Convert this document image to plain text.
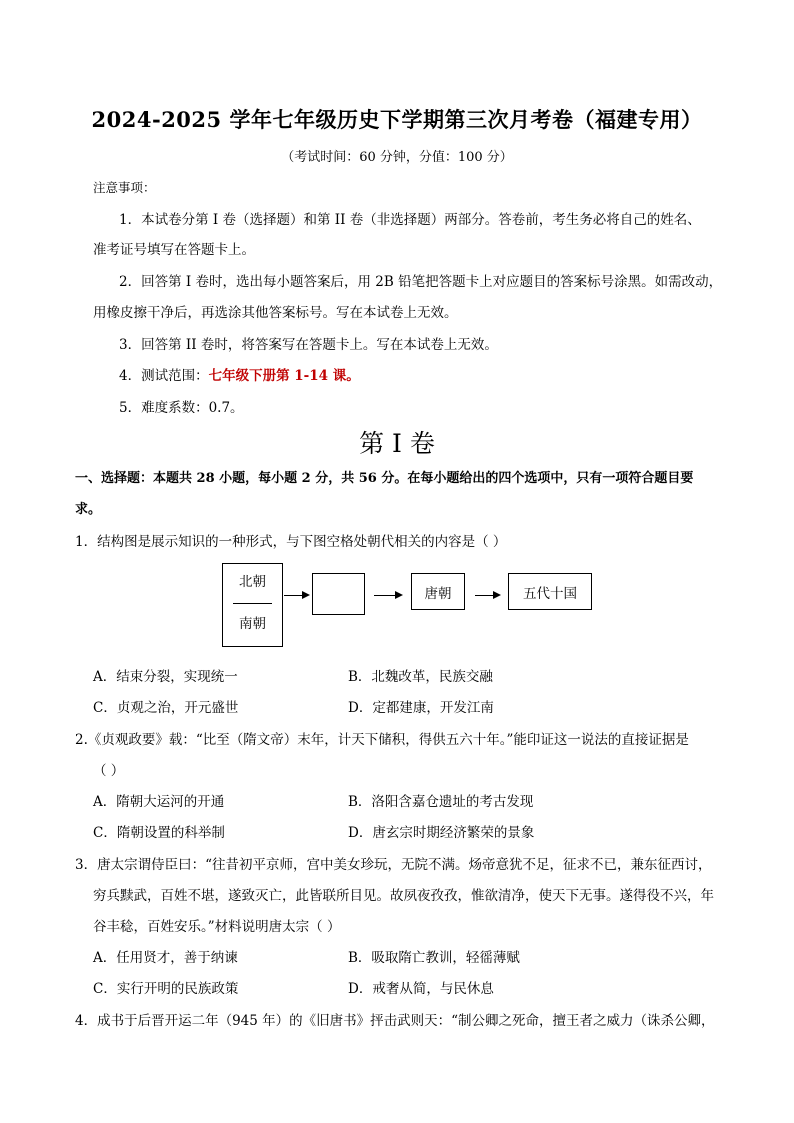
2024-2025 学年七年级历史下学期第三次月考卷（福建专用）
（考试时间：60 分钟，分值：100 分）
注意事项：
1．本试卷分第 I 卷（选择题）和第 II 卷（非选择题）两部分。答卷前，考生务必将自己的姓名、
准考证号填写在答题卡上。
2．回答第 I 卷时，选出每小题答案后，用 2B 铅笔把答题卡上对应题目的答案标号涂黑。如需改动，
用橡皮擦干净后，再选涂其他答案标号。写在本试卷上无效。
3．回答第 II 卷时，将答案写在答题卡上。写在本试卷上无效。
4．测试范围：七年级下册第 1-14 课。
5．难度系数：0.7。
第 I 卷
一、选择题：本题共 28 小题，每小题 2 分，共 56 分。在每小题给出的四个选项中，只有一项符合题目要
求。
1．结构图是展示知识的一种形式，与下图空格处朝代相关的内容是（ ）
北朝
南朝
唐朝	五代十国
A．结束分裂，实现统一	B．北魏改革，民族交融
C．贞观之治，开元盛世	D．定都建康，开发江南
2.《贞观政要》载：“比至（隋文帝）末年，计天下储积，得供五六十年。”能印证这一说法的直接证据是
（ ）
A．隋朝大运河的开通	B．洛阳含嘉仓遗址的考古发现
C．隋朝设置的科举制	D．唐玄宗时期经济繁荣的景象
3．唐太宗谓侍臣曰：“往昔初平京师，宫中美女珍玩，无院不满。炀帝意犹不足，征求不已，兼东征西讨，
穷兵黩武，百姓不堪，遂致灭亡，此皆联所目见。故夙夜孜孜，惟欲清净，使天下无事。遂得役不兴，年
谷丰稔，百姓安乐。”材料说明唐太宗（ ）
A．任用贤才，善于纳谏	B．吸取隋亡教训，轻徭薄赋
C．实行开明的民族政策	D．戒奢从简，与民休息
4．成书于后晋开运二年（945 年）的《旧唐书》抨击武则天：“制公卿之死命，擅王者之威力（诛杀公卿，
